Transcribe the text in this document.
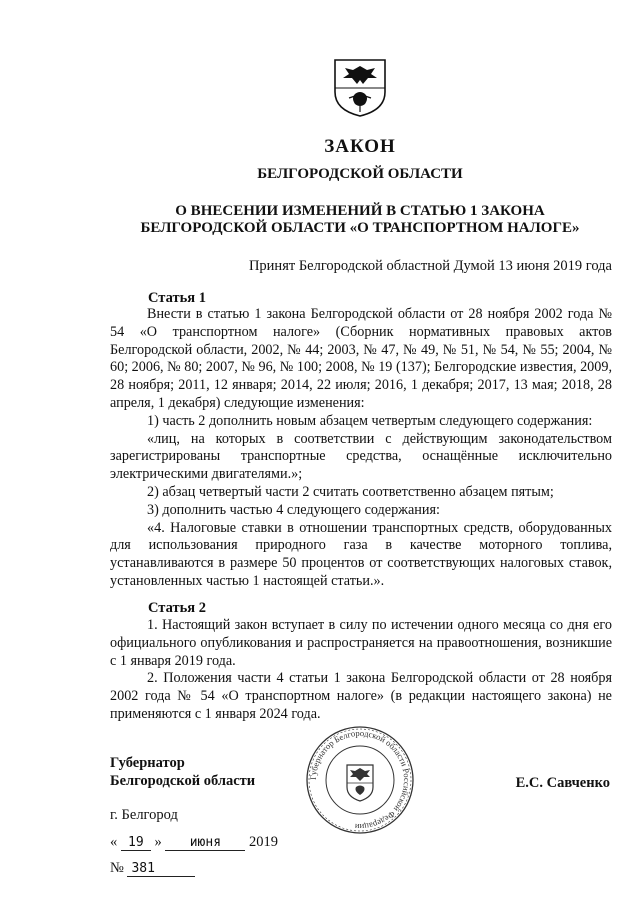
ЗАКОН
БЕЛГОРОДСКОЙ ОБЛАСТИ
О ВНЕСЕНИИ ИЗМЕНЕНИЙ В СТАТЬЮ 1 ЗАКОНА
БЕЛГОРОДСКОЙ ОБЛАСТИ «О ТРАНСПОРТНОМ НАЛОГЕ»
Принят Белгородской областной Думой 13 июня 2019 года
Статья 1

Внести в статью 1 закона Белгородской области от 28 ноября 2002 года № 54 «О транспортном налоге» (Сборник нормативных правовых актов Белгородской области, 2002, № 44; 2003, № 47, № 49, № 51, № 54, № 55; 2004, № 60; 2006, № 80; 2007, № 96, № 100; 2008, № 19 (137); Белгородские известия, 2009, 28 ноября; 2011, 12 января; 2014, 22 июля; 2016, 1 декабря; 2017, 13 мая; 2018, 28 апреля, 1 декабря) следующие изменения:

1) часть 2 дополнить новым абзацем четвертым следующего содержания:

«лиц, на которых в соответствии с действующим законодательством зарегистрированы транспортные средства, оснащённые исключительно электрическими двигателями.»;

2) абзац четвертый части 2 считать соответственно абзацем пятым;

3) дополнить частью 4 следующего содержания:

«4. Налоговые ставки в отношении транспортных средств, оборудованных для использования природного газа в качестве моторного топлива, устанавливаются в размере 50 процентов от соответствующих налоговых ставок, установленных частью 1 настоящей статьи.».

Статья 2

1. Настоящий закон вступает в силу по истечении одного месяца со дня его официального опубликования и распространяется на правоотношения, возникшие с 1 января 2019 года.

2. Положения части 4 статьи 1 закона Белгородской области от 28 ноября 2002 года № 54 «О транспортном налоге» (в редакции настоящего закона) не применяются с 1 января 2024 года.

Губернатор
Белгородской области	Е.С. Савченко
Губернатор Белгородской области Российской Федерации
г. Белгород
« 19 » июня 2019
№ 381
